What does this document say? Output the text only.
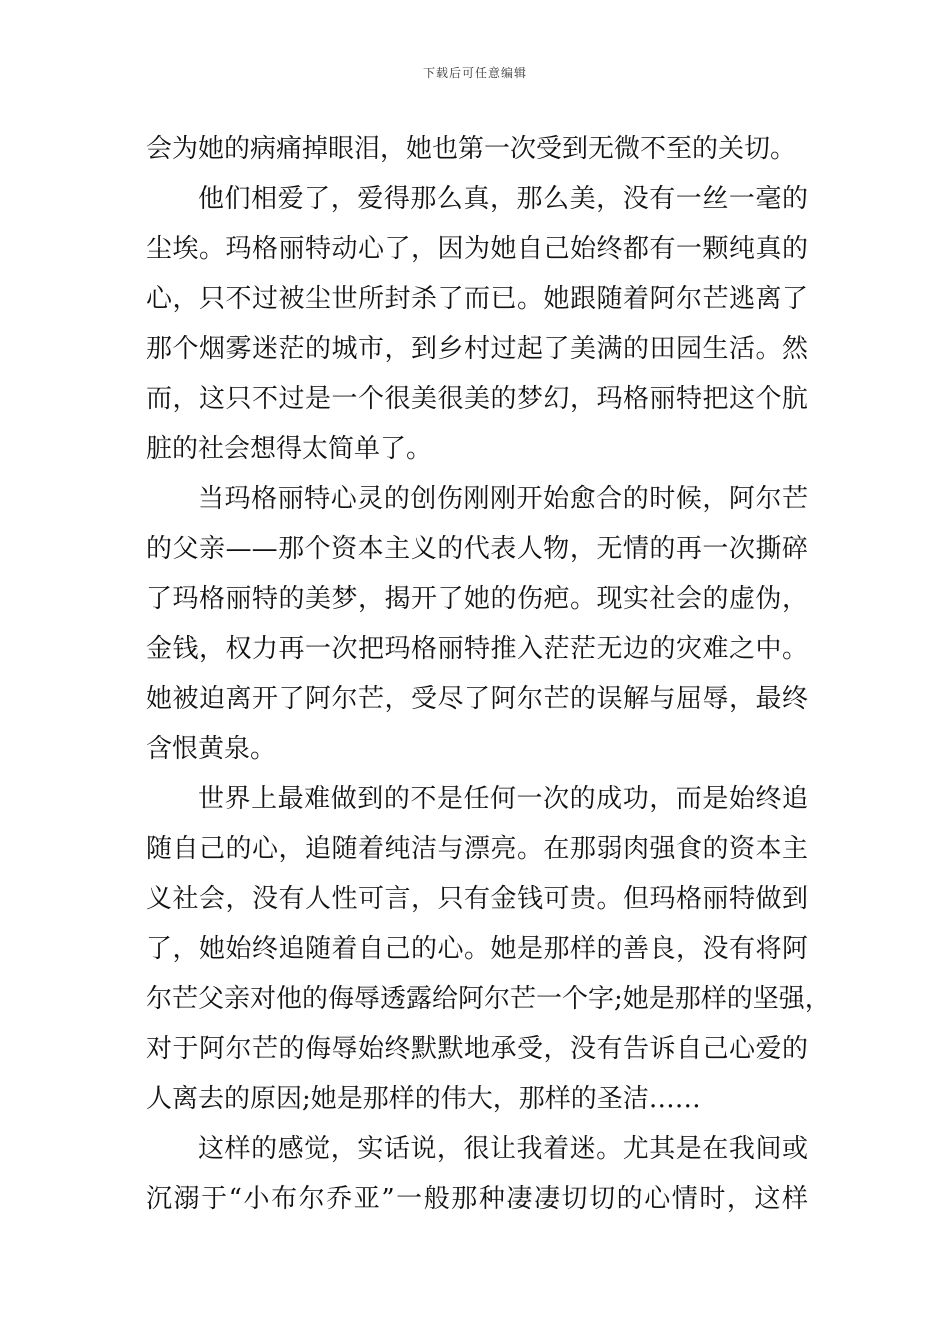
下载后可任意编辑
会为她的病痛掉眼泪，她也第一次受到无微不至的关切。
他们相爱了，爱得那么真，那么美，没有一丝一毫的
尘埃。玛格丽特动心了，因为她自己始终都有一颗纯真的
心，只不过被尘世所封杀了而已。她跟随着阿尔芒逃离了
那个烟雾迷茫的城市，到乡村过起了美满的田园生活。然
而，这只不过是一个很美很美的梦幻，玛格丽特把这个肮
脏的社会想得太简单了。
当玛格丽特心灵的创伤刚刚开始愈合的时候，阿尔芒
的父亲——那个资本主义的代表人物，无情的再一次撕碎
了玛格丽特的美梦，揭开了她的伤疤。现实社会的虚伪，
金钱，权力再一次把玛格丽特推入茫茫无边的灾难之中。
她被迫离开了阿尔芒，受尽了阿尔芒的误解与屈辱，最终
含恨黄泉。
世界上最难做到的不是任何一次的成功，而是始终追
随自己的心，追随着纯洁与漂亮。在那弱肉强食的资本主
义社会，没有人性可言，只有金钱可贵。但玛格丽特做到
了，她始终追随着自己的心。她是那样的善良，没有将阿
尔芒父亲对他的侮辱透露给阿尔芒一个字;她是那样的坚强，
对于阿尔芒的侮辱始终默默地承受，没有告诉自己心爱的
人离去的原因;她是那样的伟大，那样的圣洁……
这样的感觉，实话说，很让我着迷。尤其是在我间或
沉溺于“小布尔乔亚”一般那种凄凄切切的心情时，这样
